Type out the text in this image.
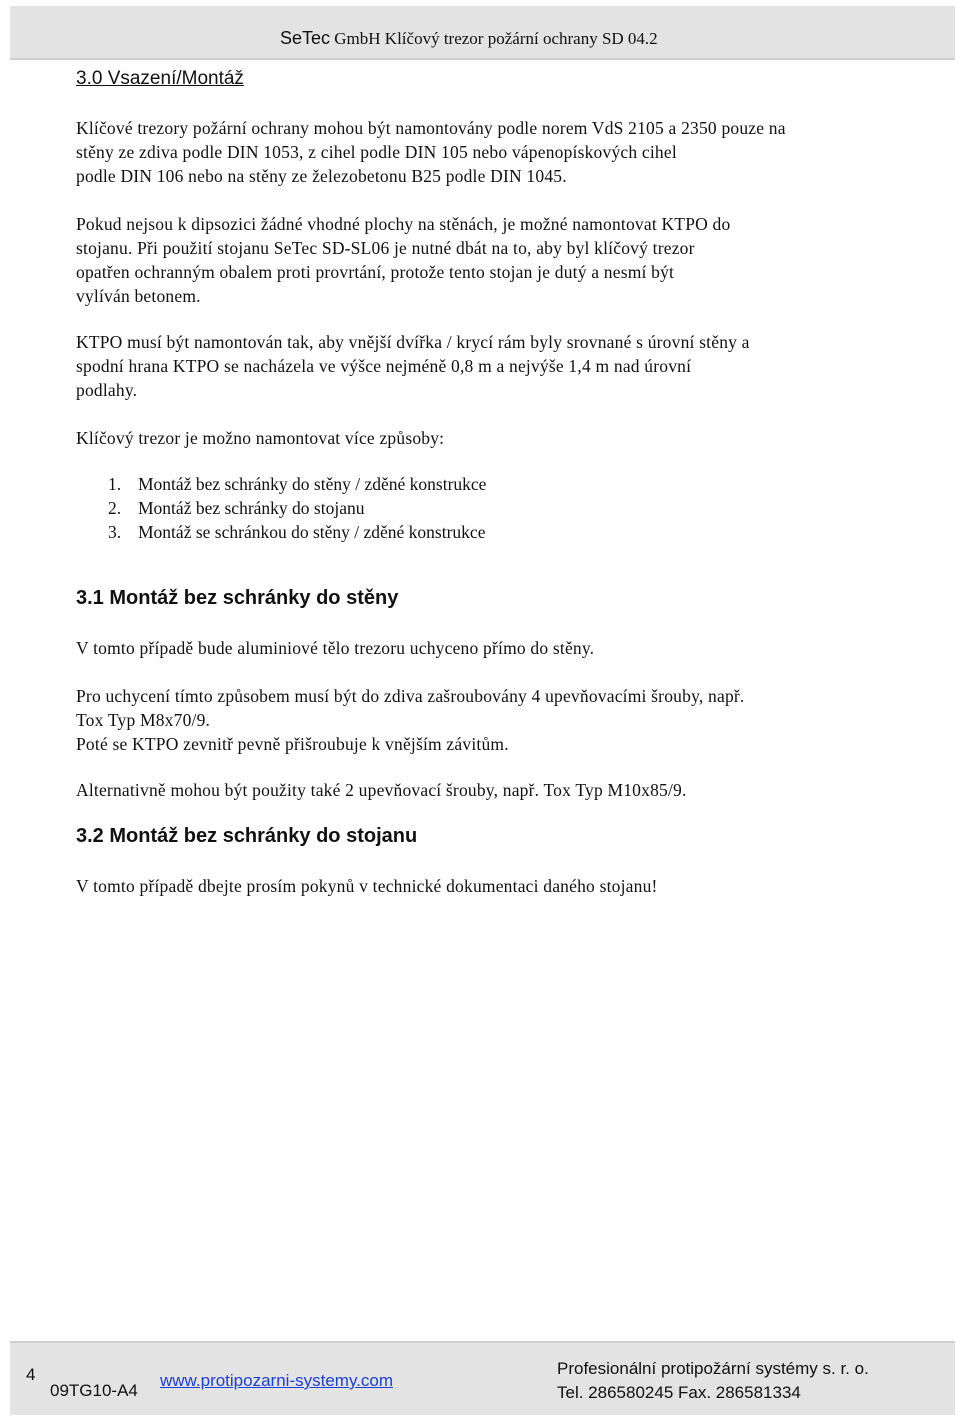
SeTec GmbH Klíčový trezor požární ochrany SD 04.2
3.0 Vsazení/Montáž
Klíčové trezory požární ochrany mohou být namontovány podle norem VdS 2105 a 2350 pouze na
stěny ze zdiva podle DIN 1053, z cihel podle DIN 105 nebo vápenopískových cihel
podle DIN 106 nebo na stěny ze železobetonu B25 podle DIN 1045.
Pokud nejsou k dipsozici žádné vhodné plochy na stěnách, je možné namontovat KTPO do
stojanu. Při použití stojanu SeTec SD-SL06 je nutné dbát na to, aby byl klíčový trezor
opatřen ochranným obalem proti provrtání, protože tento stojan je dutý a nesmí být
vylíván betonem.
KTPO musí být namontován tak, aby vnější dvířka / krycí rám byly srovnané s úrovní stěny a
spodní hrana KTPO se nacházela ve výšce nejméně 0,8 m a nejvýše 1,4 m nad úrovní
podlahy.
Klíčový trezor je možno namontovat více způsoby:
1. Montáž bez schránky do stěny / zděné konstrukce
2. Montáž bez schránky do stojanu
3. Montáž se schránkou do stěny / zděné konstrukce
3.1 Montáž bez schránky do stěny
V tomto případě bude aluminiové tělo trezoru uchyceno přímo do stěny.
Pro uchycení tímto způsobem musí být do zdiva zašroubovány 4 upevňovacími šrouby, např.
Tox Typ M8x70/9.
Poté se KTPO zevnitř pevně přišroubuje k vnějším závitům.
Alternativně mohou být použity také 2 upevňovací šrouby, např. Tox Typ M10x85/9.
3.2 Montáž bez schránky do stojanu
V tomto případě dbejte prosím pokynů v technické dokumentaci daného stojanu!
4
09TG10-A4
www.protipozarni-systemy.com
Profesionální protipožární systémy s. r. o.
Tel. 286580245 Fax. 286581334
